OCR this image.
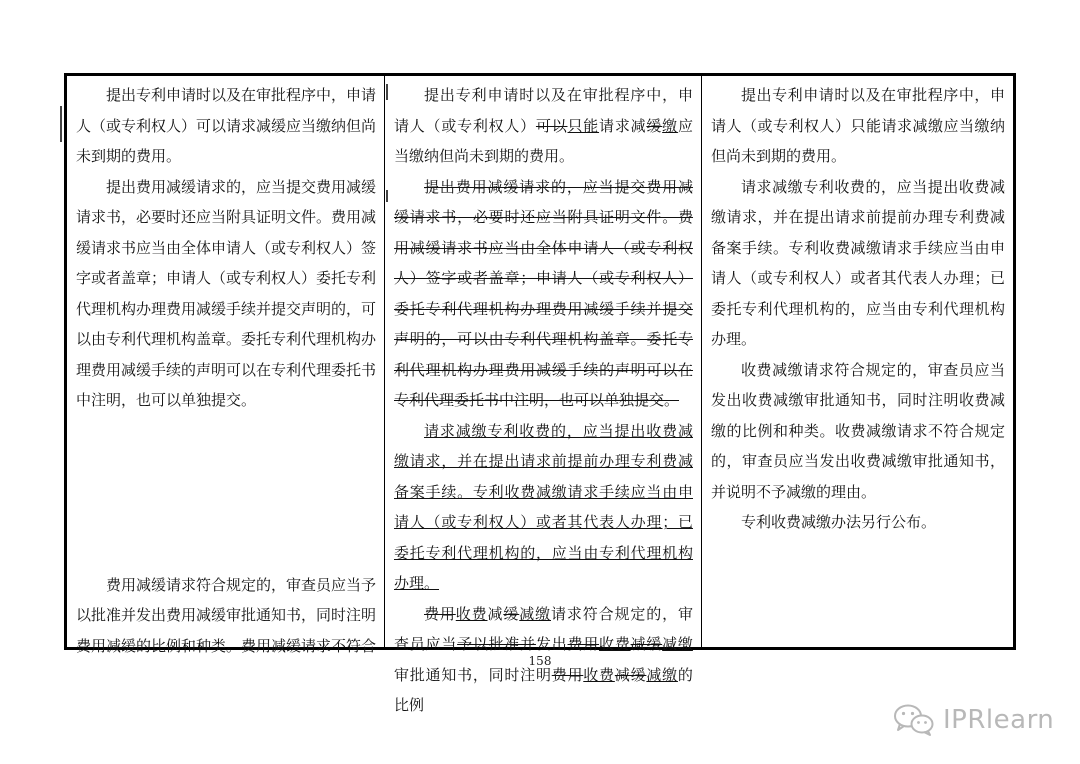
提出专利申请时以及在审批程序中，申请人（或专利权人）可以请求减缓应当缴纳但尚未到期的费用。

提出费用减缓请求的，应当提交费用减缓请求书，必要时还应当附具证明文件。费用减缓请求书应当由全体申请人（或专利权人）签字或者盖章；申请人（或专利权人）委托专利代理机构办理费用减缓手续并提交声明的，可以由专利代理机构盖章。委托专利代理机构办理费用减缓手续的声明可以在专利代理委托书中注明，也可以单独提交。

费用减缓请求符合规定的，审查员应当予以批准并发出费用减缓审批通知书，同时注明费用减缓的比例和种类。费用减缓请求不符合

提出专利申请时以及在审批程序中，申请人（或专利权人）可以只能请求减缓缴应当缴纳但尚未到期的费用。

提出费用减缓请求的，应当提交费用减缓请求书，必要时还应当附具证明文件。费用减缓请求书应当由全体申请人（或专利权人）签字或者盖章；申请人（或专利权人）委托专利代理机构办理费用减缓手续并提交声明的，可以由专利代理机构盖章。委托专利代理机构办理费用减缓手续的声明可以在专利代理委托书中注明，也可以单独提交。

请求减缴专利收费的，应当提出收费减缴请求，并在提出请求前提前办理专利费减备案手续。专利收费减缴请求手续应当由申请人（或专利权人）或者其代表人办理；已委托专利代理机构的，应当由专利代理机构办理。

费用收费减缓减缴请求符合规定的，审查员应当予以批准并发出费用收费减缓减缴审批通知书，同时注明费用收费减缓减缴的比例

提出专利申请时以及在审批程序中，申请人（或专利权人）只能请求减缴应当缴纳但尚未到期的费用。

请求减缴专利收费的，应当提出收费减缴请求，并在提出请求前提前办理专利费减备案手续。专利收费减缴请求手续应当由申请人（或专利权人）或者其代表人办理；已委托专利代理机构的，应当由专利代理机构办理。

收费减缴请求符合规定的，审查员应当发出收费减缴审批通知书，同时注明收费减缴的比例和种类。收费减缴请求不符合规定的，审查员应当发出收费减缴审批通知书，并说明不予减缴的理由。

专利收费减缴办法另行公布。

158
IPRlearn
